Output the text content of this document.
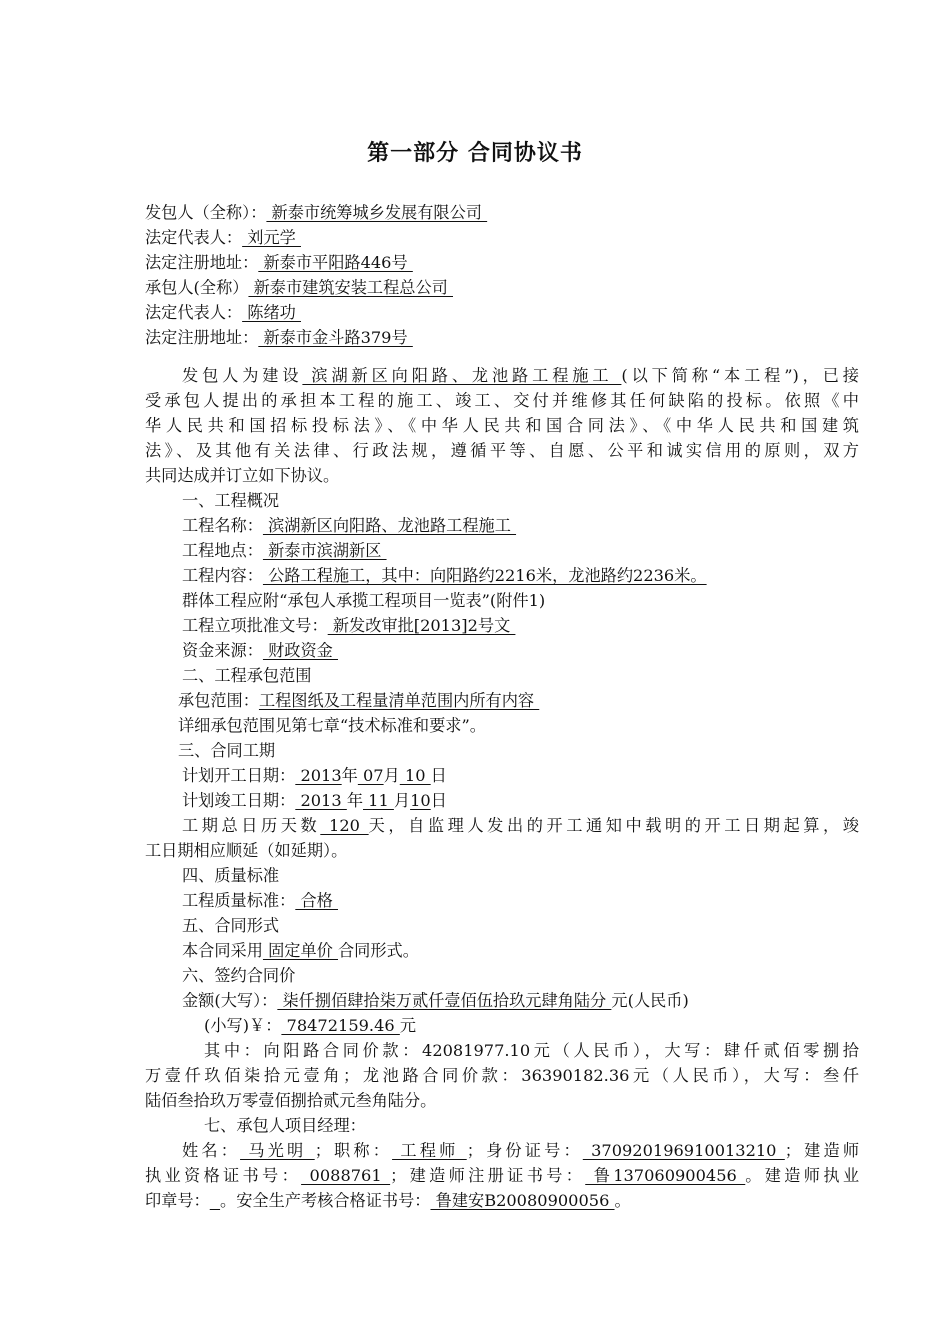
第一部分 合同协议书
发包人（全称）： 新泰市统筹城乡发展有限公司
法定代表人： 刘元学
法定注册地址： 新泰市平阳路446号
承包人(全称） 新泰市建筑安装工程总公司
法定代表人： 陈绪功
法定注册地址： 新泰市金斗路379号
发包人为建设 滨湖新区向阳路、龙池路工程施工 (以下简称“本工程”)，已接
受承包人提出的承担本工程的施工、竣工、交付并维修其任何缺陷的投标。依照《中
华人民共和国招标投标法》、《中华人民共和国合同法》、《中华人民共和国建筑
法》、及其他有关法律、行政法规，遵循平等、自愿、公平和诚实信用的原则，双方
共同达成并订立如下协议。
一、工程概况
工程名称： 滨湖新区向阳路、龙池路工程施工
工程地点： 新泰市滨湖新区
工程内容： 公路工程施工，其中：向阳路约2216米，龙池路约2236米。
群体工程应附“承包人承揽工程项目一览表”(附件1)
工程立项批准文号： 新发改审批[2013]2号文
资金来源： 财政资金
二、工程承包范围
承包范围：工程图纸及工程量清单范围内所有内容
详细承包范围见第七章“技术标准和要求”。
三、合同工期
计划开工日期： 2013年 07月 10 日
计划竣工日期： 2013 年 11 月10日
工期总日历天数 120 天，自监理人发出的开工通知中载明的开工日期起算，竣
工日期相应顺延（如延期）。
四、质量标准
工程质量标准： 合格
五、合同形式
本合同采用 固定单价 合同形式。
六、签约合同价
金额(大写）： 柒仟捌佰肆拾柒万贰仟壹佰伍拾玖元肆角陆分 元(人民币)
(小写)￥： 78472159.46 元
其中：向阳路合同价款：42081977.10元（人民币），大写：肆仟贰佰零捌拾
万壹仟玖佰柒拾元壹角；龙池路合同价款：36390182.36元（人民币），大写：叁仟
陆佰叁拾玖万零壹佰捌拾贰元叁角陆分。
七、承包人项目经理：
姓名： 马光明 ；职称： 工程师 ；身份证号： 370920196910013210 ；建造师
执业资格证书号： 0088761 ；建造师注册证书号： 鲁137060900456 。建造师执业
印章号： 。安全生产考核合格证书号： 鲁建安B20080900056 。
